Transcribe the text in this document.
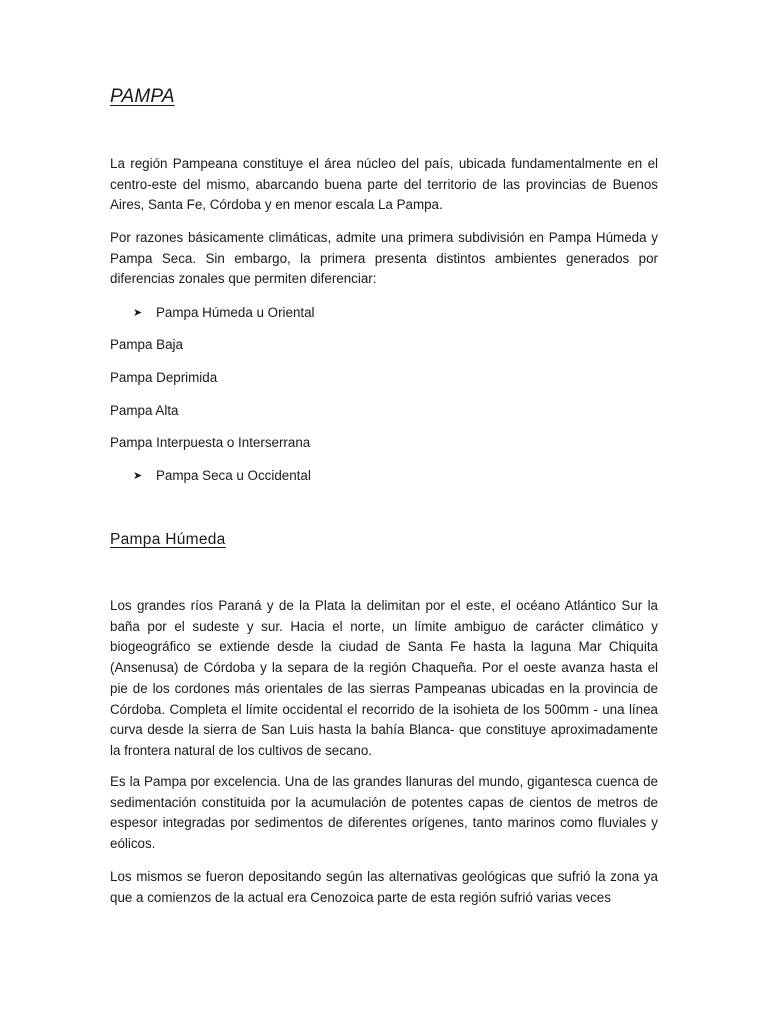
PAMPA

La región Pampeana constituye el área núcleo del país, ubicada fundamentalmente en el centro-este del mismo, abarcando buena parte del territorio de las provincias de Buenos Aires, Santa Fe, Córdoba y en menor escala La Pampa.

Por razones básicamente climáticas, admite una primera subdivisión en Pampa Húmeda y Pampa Seca. Sin embargo, la primera presenta distintos ambientes generados por diferencias zonales que permiten diferenciar:

➤	Pampa Húmeda u Oriental

Pampa Baja

Pampa Deprimida

Pampa Alta

Pampa Interpuesta o Interserrana

➤	Pampa Seca u Occidental
Pampa Húmeda

Los grandes ríos Paraná y de la Plata la delimitan por el este, el océano Atlántico Sur la baña por el sudeste y sur. Hacia el norte, un límite ambiguo de carácter climático y biogeográfico se extiende desde la ciudad de Santa Fe hasta la laguna Mar Chiquita (Ansenusa) de Córdoba y la separa de la región Chaqueña. Por el oeste avanza hasta el pie de los cordones más orientales de las sierras Pampeanas ubicadas en la provincia de Córdoba. Completa el límite occidental el recorrido de la isohieta de los 500mm - una línea curva desde la sierra de San Luis hasta la bahía Blanca- que constituye aproximadamente la frontera natural de los cultivos de secano.

Es la Pampa por excelencia. Una de las grandes llanuras del mundo, gigantesca cuenca de sedimentación constituida por la acumulación de potentes capas de cientos de metros de espesor integradas por sedimentos de diferentes orígenes, tanto marinos como fluviales y eólicos.

Los mismos se fueron depositando según las alternativas geológicas que sufrió la zona ya que a comienzos de la actual era Cenozoica parte de esta región sufrió varias veces
